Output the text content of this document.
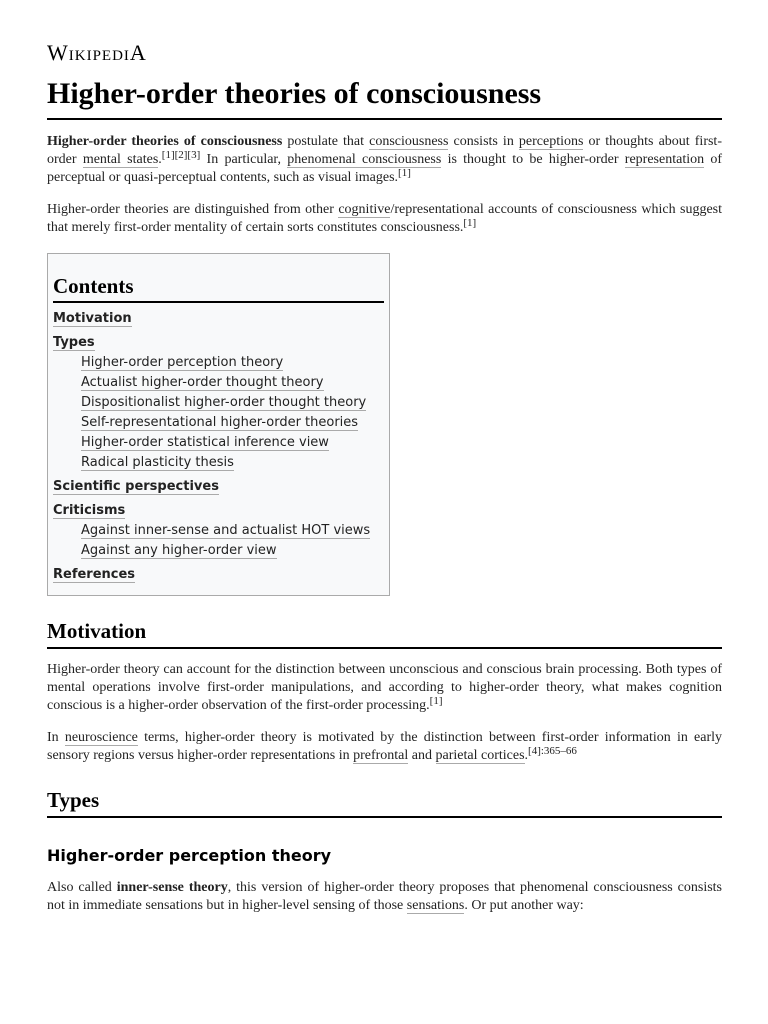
WikipediA
Higher-order theories of consciousness

Higher-order theories of consciousness postulate that consciousness consists in perceptions or thoughts about first-order mental states.[1][2][3] In particular, phenomenal consciousness is thought to be higher-order representation of perceptual or quasi-perceptual contents, such as visual images.[1]

Higher-order theories are distinguished from other cognitive/representational accounts of consciousness which suggest that merely first-order mentality of certain sorts constitutes consciousness.[1]

Contents
Motivation
Types
Higher-order perception theory
Actualist higher-order thought theory
Dispositionalist higher-order thought theory
Self-representational higher-order theories
Higher-order statistical inference view
Radical plasticity thesis
Scientific perspectives
Criticisms
Against inner-sense and actualist HOT views
Against any higher-order view
References
Motivation

Higher-order theory can account for the distinction between unconscious and conscious brain processing. Both types of mental operations involve first-order manipulations, and according to higher-order theory, what makes cognition conscious is a higher-order observation of the first-order processing.[1]

In neuroscience terms, higher-order theory is motivated by the distinction between first-order information in early sensory regions versus higher-order representations in prefrontal and parietal cortices.$^{[4]:365-66}$

Types
Higher-order perception theory

Also called inner-sense theory, this version of higher-order theory proposes that phenomenal consciousness consists not in immediate sensations but in higher-level sensing of those sensations. Or put another way:
